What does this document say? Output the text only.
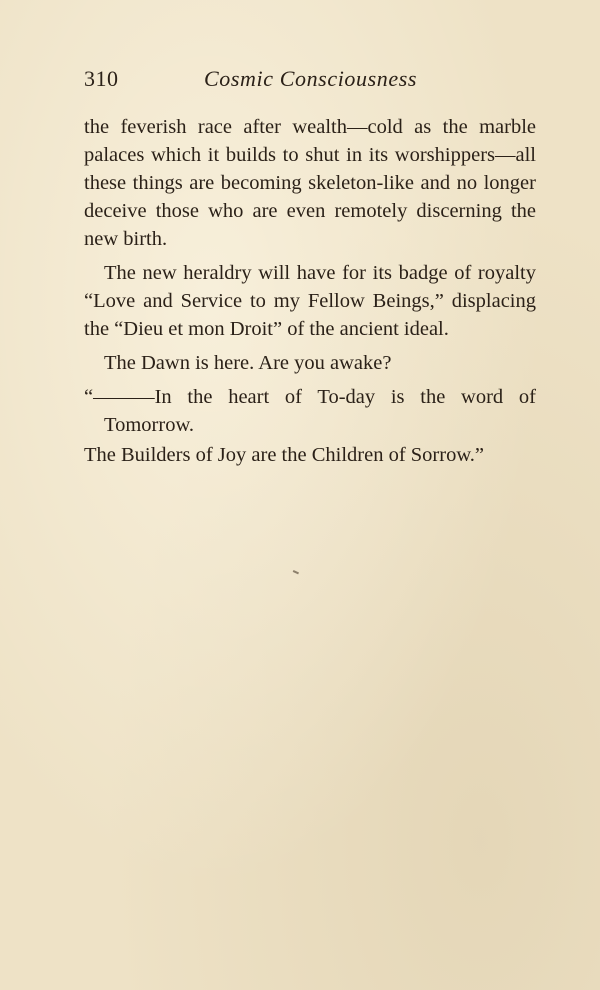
310	Cosmic Consciousness

the feverish race after wealth—cold as the marble palaces which it builds to shut in its worshippers—all these things are becoming skeleton-like and no longer deceive those who are even remotely discerning the new birth.

The new heraldry will have for its badge of royalty “Love and Service to my Fellow Beings,” displacing the “Dieu et mon Droit” of the ancient ideal.

The Dawn is here. Are you awake?

“———In the heart of To-day is the word of

Tomorrow.

The Builders of Joy are the Children of Sorrow.”
